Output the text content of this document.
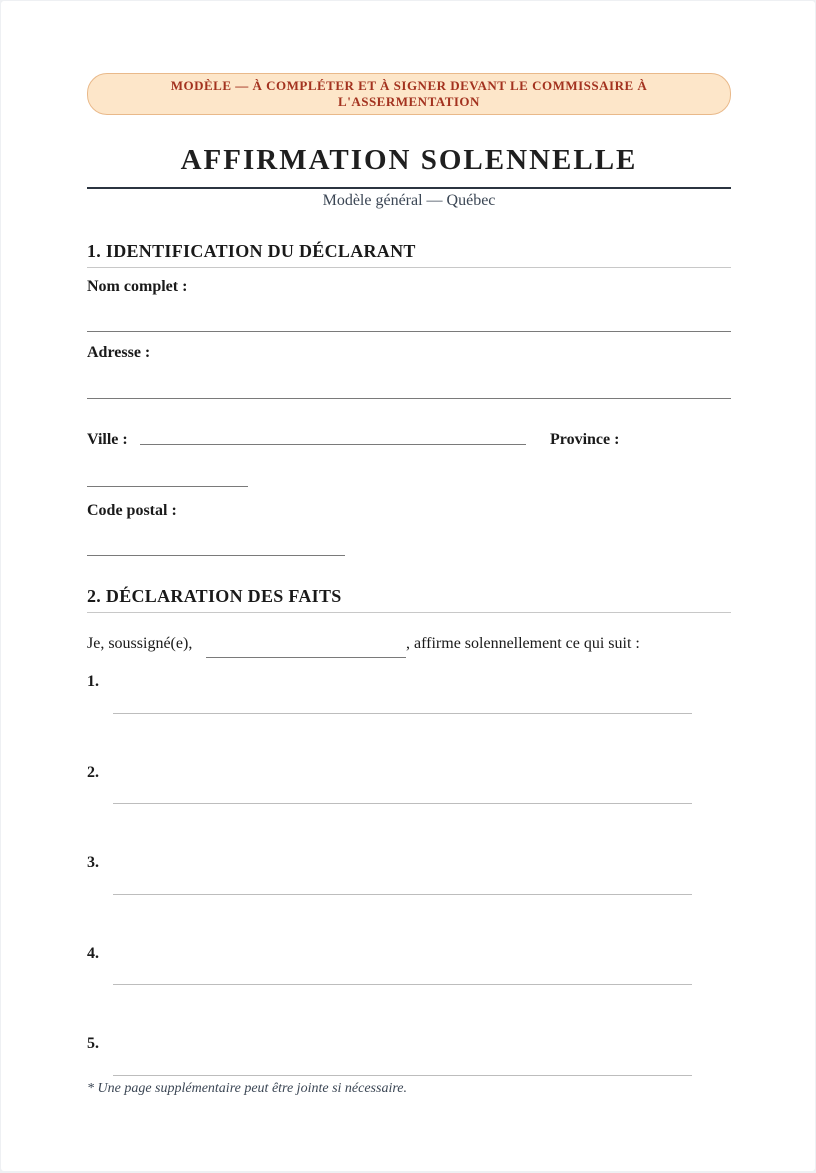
MODÈLE — À COMPLÉTER ET À SIGNER DEVANT LE COMMISSAIRE À
L'ASSERMENTATION
AFFIRMATION SOLENNELLE
Modèle général — Québec
1. IDENTIFICATION DU DÉCLARANT
Nom complet :
Adresse :
Ville :	Province :
Code postal :
2. DÉCLARATION DES FAITS
Je, soussigné(e),	, affirme solennellement ce qui suit :
1.
2.
3.
4.
5.
* Une page supplémentaire peut être jointe si nécessaire.
